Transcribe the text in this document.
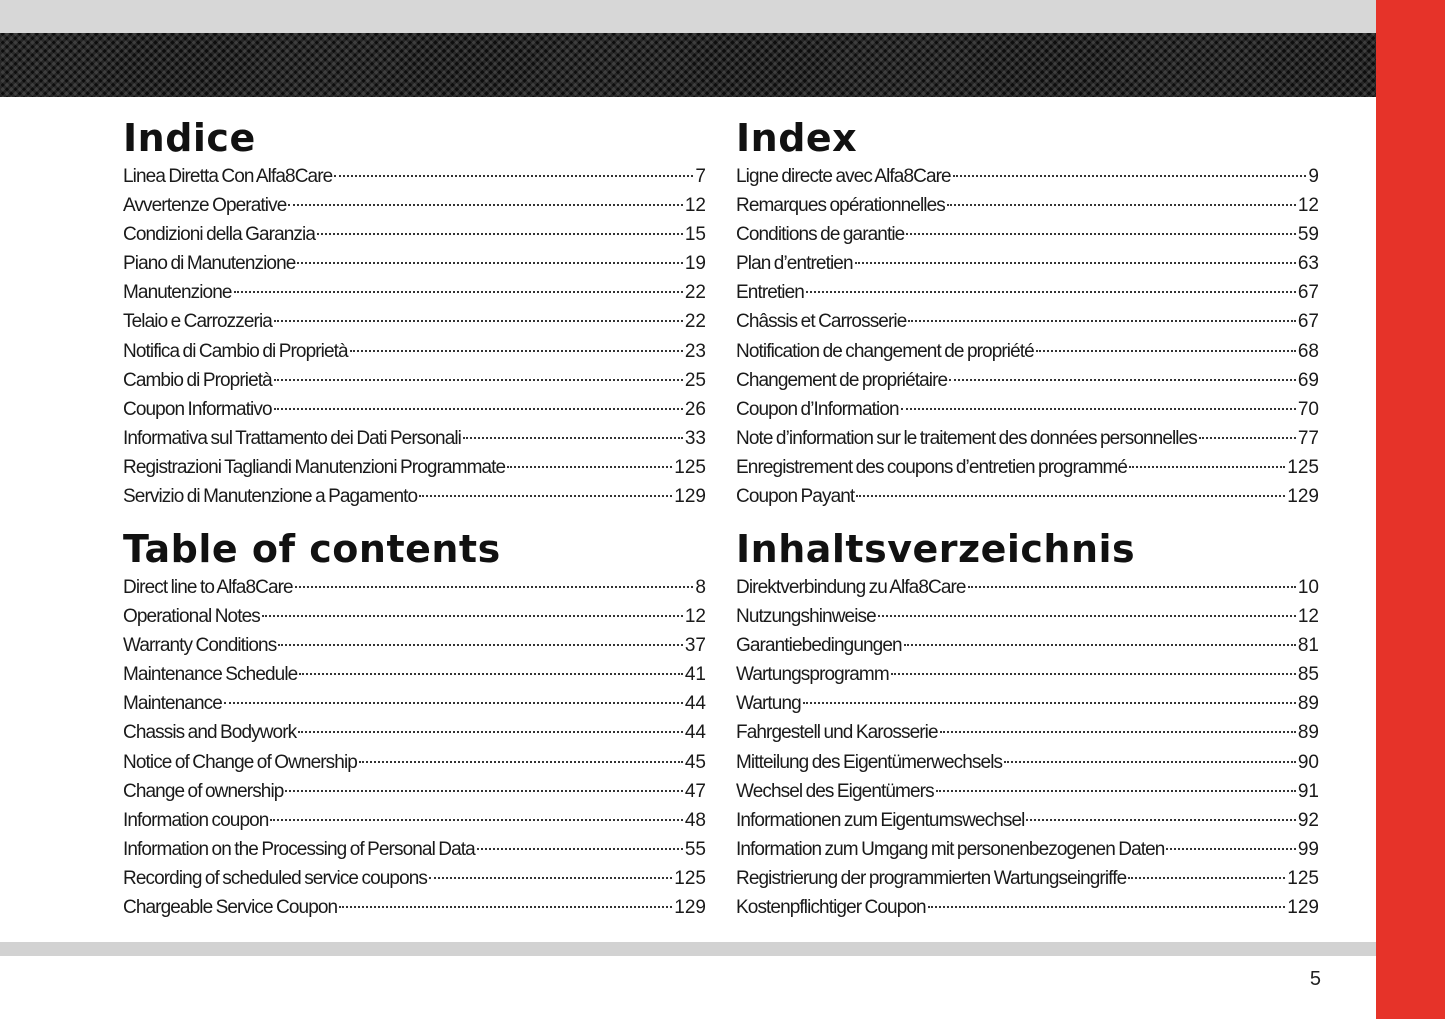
Indice
Linea Diretta Con Alfa8Care	7
Avvertenze Operative	12
Condizioni della Garanzia	15
Piano di Manutenzione	19
Manutenzione	22
Telaio e Carrozzeria	22
Notifica di Cambio di Proprietà	23
Cambio di Proprietà	25
Coupon Informativo	26
Informativa sul Trattamento dei Dati Personali	33
Registrazioni Tagliandi Manutenzioni Programmate	125
Servizio di Manutenzione a Pagamento	129
Index
Ligne directe avec Alfa8Care	9
Remarques opérationnelles	12
Conditions de garantie	59
Plan d’entretien	63
Entretien	67
Châssis et Carrosserie	67
Notification de changement de propriété	68
Changement de propriétaire	69
Coupon d’Information	70
Note d’information sur le traitement des données personnelles	77
Enregistrement des coupons d’entretien programmé	125
Coupon Payant	129
Table of contents
Direct line to Alfa8Care	8
Operational Notes	12
Warranty Conditions	37
Maintenance Schedule	41
Maintenance	44
Chassis and Bodywork	44
Notice of Change of Ownership	45
Change of ownership	47
Information coupon	48
Information on the Processing of Personal Data	55
Recording of scheduled service coupons	125
Chargeable Service Coupon	129
Inhaltsverzeichnis
Direktverbindung zu Alfa8Care	10
Nutzungshinweise	12
Garantiebedingungen	81
Wartungsprogramm	85
Wartung	89
Fahrgestell und Karosserie	89
Mitteilung des Eigentümerwechsels	90
Wechsel des Eigentümers	91
Informationen zum Eigentumswechsel	92
Information zum Umgang mit personenbezogenen Daten	99
Registrierung der programmierten Wartungseingriffe	125
Kostenpflichtiger Coupon	129
5
